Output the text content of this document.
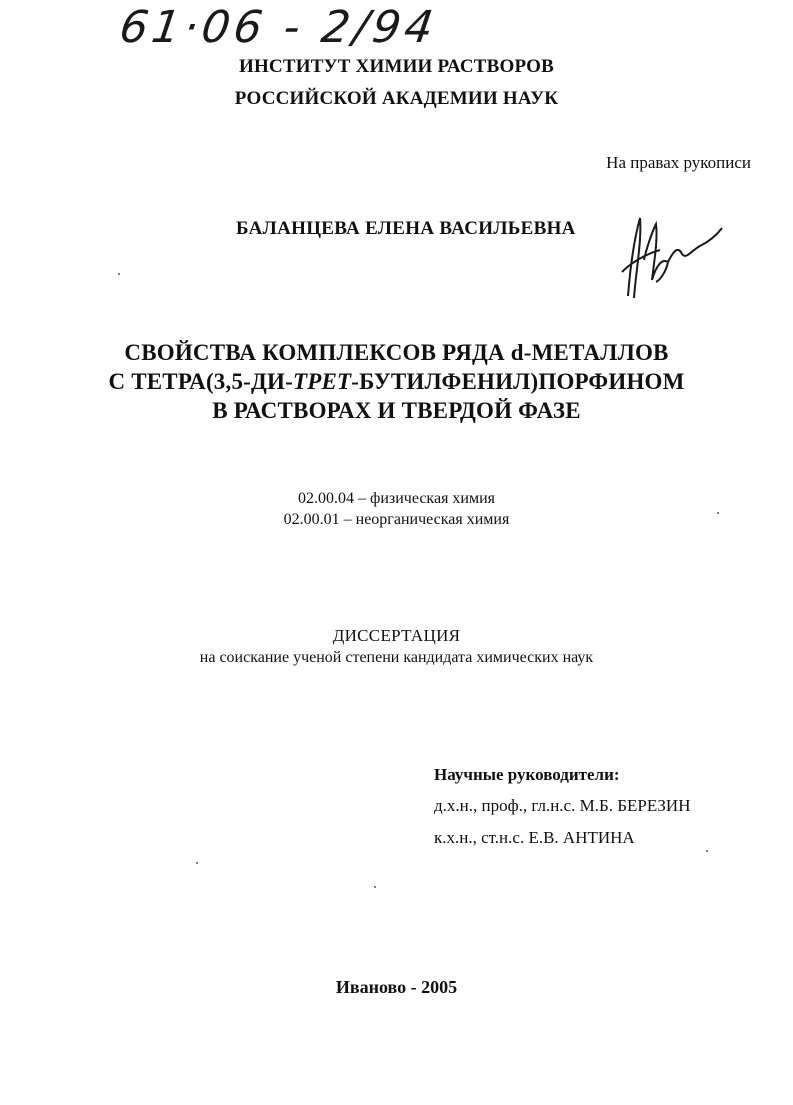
61·06 - 2/94
ИНСТИТУТ ХИМИИ РАСТВОРОВ
РОССИЙСКОЙ АКАДЕМИИ НАУК
На правах рукописи
БАЛАНЦЕВА ЕЛЕНА ВАСИЛЬЕВНА
СВОЙСТВА КОМПЛЕКСОВ РЯДА d-МЕТАЛЛОВ
С ТЕТРА(3,5-ДИ-ТРЕТ-БУТИЛФЕНИЛ)ПОРФИНОМ
В РАСТВОРАХ И ТВЕРДОЙ ФАЗЕ
02.00.04 – физическая химия
02.00.01 – неорганическая химия
ДИССЕРТАЦИЯ
на соискание ученой степени кандидата химических наук
Научные руководители:
д.х.н., проф., гл.н.с. М.Б. БЕРЕЗИН
к.х.н., ст.н.с. Е.В. АНТИНА
Иваново - 2005
